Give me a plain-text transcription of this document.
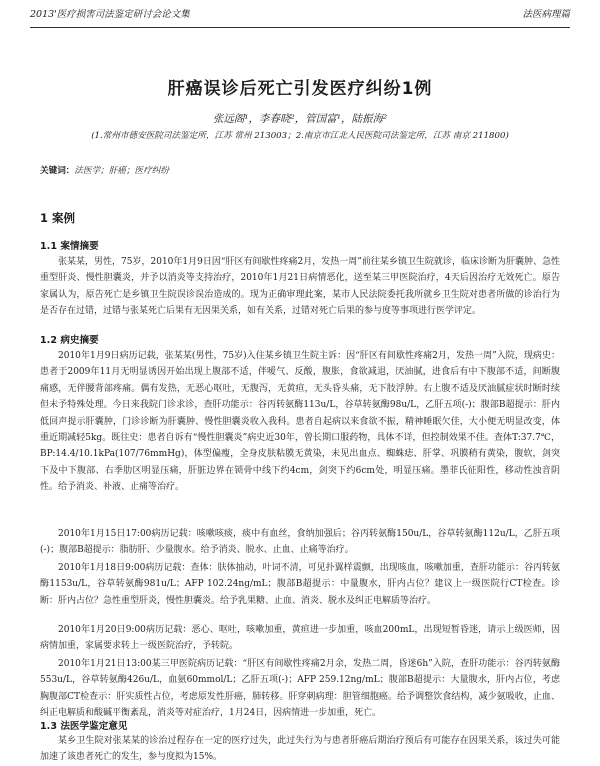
2013'医疗损害司法鉴定研讨会论文集	法医病理篇
肝癌误诊后死亡引发医疗纠纷1例
张远阁¹，李春晓²，管国富¹，陆振海²
(1.常州市德安医院司法鉴定所，江苏 常州 213003；2.南京市江北人民医院司法鉴定所，江苏 南京 211800)
关键词：法医学；肝癌；医疗纠纷
1 案例
1.1 案情摘要
张某某，男性，75岁，2010年1月9日因“肝区有间歇性疼痛2月，发热一周”前往某乡镇卫生院就诊，临床诊断为肝囊肿、急性重型肝炎、慢性胆囊炎，并予以消炎等支持治疗，2010年1月21日病情恶化，送至某三甲医院治疗，4天后因治疗无效死亡。原告家属认为，原告死亡是乡镇卫生院误诊误治造成的。现为正确审理此案，某市人民法院委托我所就乡卫生院对患者所做的诊治行为是否存在过错，过错与张某死亡后果有无因果关系，如有关系，过错对死亡后果的参与度等事项进行医学评定。
1.2 病史摘要
2010年1月9日病历记载，张某某(男性，75岁)入住某乡镇卫生院主诉：因“肝区有间歇性疼痛2月，发热一周”入院，现病史：患者于2009年11月无明显诱因开始出现上腹部不适，伴嗳气、反酸，腹胀，食欲减退，厌油腻，进食后有中下腹部不适，间断腹痛感，无伴腰背部疼痛。偶有发热，无恶心呕吐，无腹泻，无黄疸，无头昏头痛，无下肢浮肿。右上腹不适及厌油腻症状时断时续但未予特殊处理。今日来我院门诊求诊，查肝功能示：谷丙转氨酶113u/L，谷草转氨酶98u/L，乙肝五项(-)；腹部B超提示：肝内低回声提示肝囊肿，门诊诊断为肝囊肿、慢性胆囊炎收入我科。患者自起病以来食欲不振，精神睡眠欠佳，大小便无明显改变，体重近期减轻5kg。既往史：患者自诉有“慢性胆囊炎”病史近30年，曾长期口服药物，具体不详，但控制效果不佳。查体T:37.7℃，BP:14.4/10.1kPa(107/76mmHg)，体型偏瘦，全身皮肤粘膜无黄染，未见出血点、蜘蛛痣、肝掌、巩膜稍有黄染，腹软，剑突下及中下腹部、右季肋区明显压痛，肝脏边界在锁骨中线下约4cm，剑突下约6cm处，明显压痛。墨菲氏征阳性，移动性浊音阴性。给予消炎、补液、止痛等治疗。
2010年1月15日17:00病历记载：咳嗽咳痰，痰中有血丝，食纳加强后；谷丙转氨酶150u/L，谷草转氨酶112u/L，乙肝五项(-)；腹部B超提示：脂肪肝、少量腹水。给予消炎、脱水、止血、止痛等治疗。
2010年1月18日9:00病历记载：查体：肤体抽动，叶词不清，可见扑翼样震颤，出现咳血，咳嗽加重，查肝功能示：谷丙转氨酶1153u/L，谷草转氨酶981u/L；AFP 102.24ng/mL；腹部B超提示：中量腹水，肝内占位？建议上一级医院行CT检查。诊断：肝内占位？急性重型肝炎，慢性胆囊炎。给予乳果糖、止血、消炎、脱水及纠正电解质等治疗。
2010年1月20日9:00病历记载：恶心、呕吐，咳嗽加重，黄疸进一步加重，咳血200mL，出现短暂昏迷，请示上级医师，因病情加重，家属要求转上一级医院治疗，予转院。
2010年1月21日13:00某三甲医院病历记载：“肝区有间歇性疼痛2月余，发热二周，昏迷6h”入院，查肝功能示：谷丙转氨酶553u/L，谷草转氨酶426u/L，血氨60mmol/L；乙肝五项(-)；AFP 259.12ng/mL；腹部B超提示：大量腹水，肝内占位，考虑胸腹部CT检查示：肝实质性占位，考虑原发性肝癌，肺转移。肝穿刺病理：胆管细胞癌。给予调整饮食结构，减少氨吸收，止血、纠正电解质和酸碱平衡紊乱，消炎等对症治疗，1月24日，因病情进一步加重，死亡。
1.3 法医学鉴定意见
某乡卫生院对张某某的诊治过程存在一定的医疗过失，此过失行为与患者肝癌后期治疗预后有可能存在因果关系，该过失可能加速了该患者死亡的发生，参与度拟为15%。
